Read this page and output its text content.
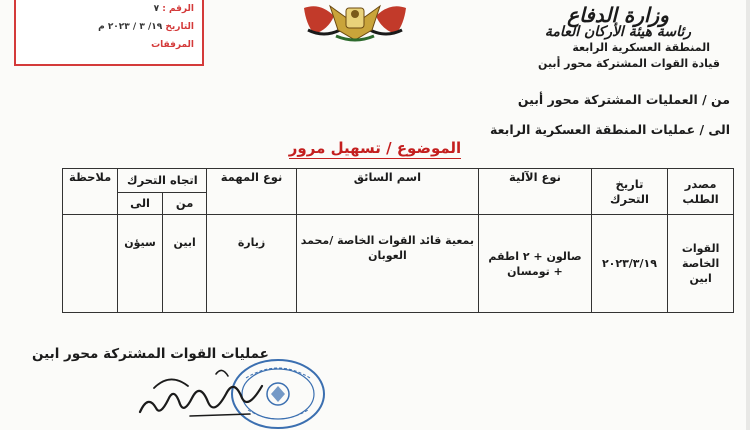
وزارة الدفاع
رئاسة هيئة الأركان العامة
المنطقة العسكرية الرابعة
قيادة القوات المشتركة محور أبين
الرقم : ٧
التاريخ ١٩/ ٣ / ٢٠٢٣ م
المرفقات
من / العمليات المشتركة محور أبين
الى / عمليات المنطقة العسكرية الرابعة
الموضوع / تسهيل مرور
مصدر الطلب	تاريخ التحرك	نوع الآلية	اسم السائق	نوع المهمة	اتجاه التحرك		ملاحظة
					من	الى	
القوات الخاصة ابين	٢٠٢٣/٣/١٩	صالون + ٢ اطقم + تومسان	بمعية قائد القوات الخاصة /محمد العوبان	زيارة	ابين	سيؤن	
عمليات القوات المشتركة محور ابين
